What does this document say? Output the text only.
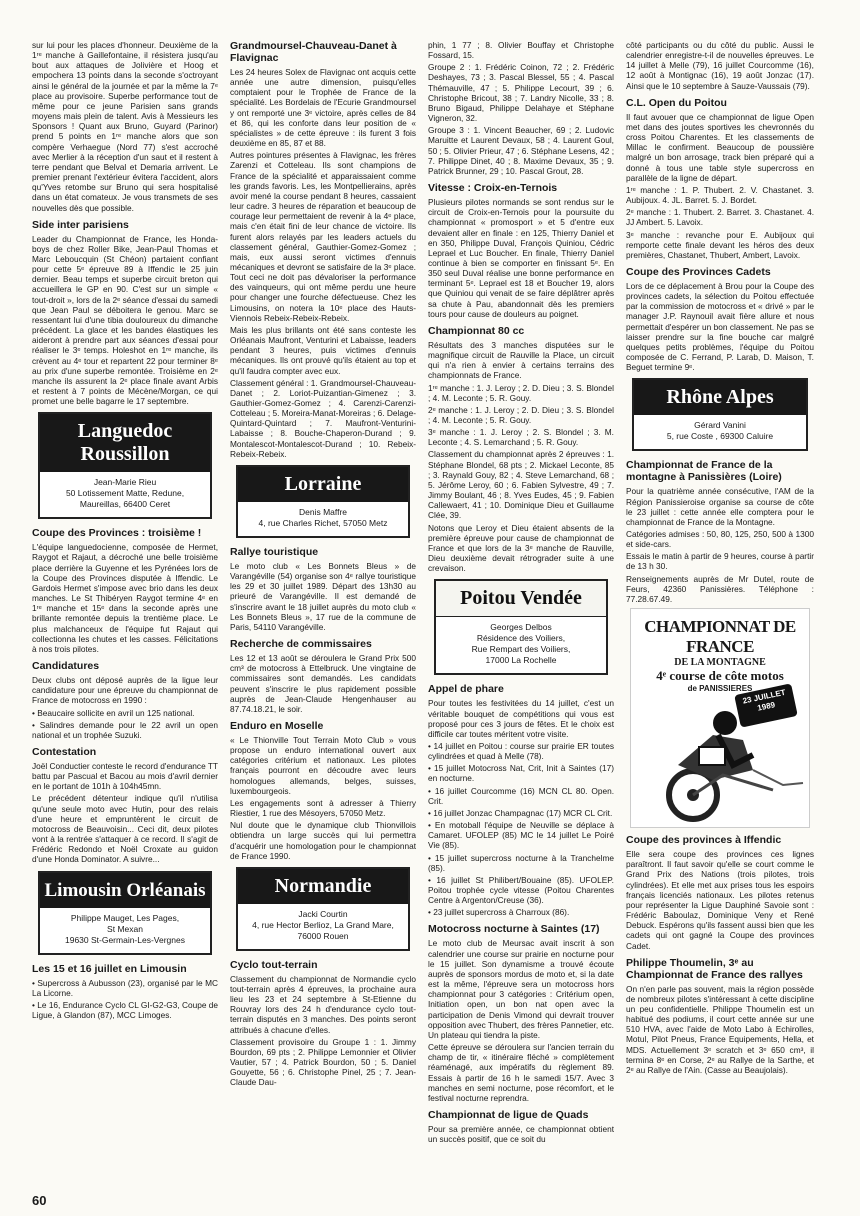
sur lui pour les places d'honneur. Deuxième de la 1ʳᵉ manche à Gaillefontaine, il résistera jusqu'au bout aux attaques de Jolivière et Hoog et empochera 13 points dans la seconde s'octroyant ainsi le général de la journée et par la même la 7ᵉ place au provisoire. Superbe performance tout de même pour ce jeune Parisien sans grands moyens mais plein de talent. Avis à Messieurs les Sponsors ! Quant aux Bruno, Guyard (Parinor) prend 5 points en 1ʳᵉ manche alors que son compère Verhaegue (Nord 77) s'est accroché avec Merlier à la réception d'un saut et il restent à terre pendant que Belval et Demaria arrivent. Le premier prenant l'extérieur évitera l'accident, alors qu'Yves retombe sur Bruno qui sera hospitalisé dans un état comateux. Je vous transmets de ses nouvelles dès que possible.

Side inter parisiens

Leader du Championnat de France, les Honda-boys de chez Roller Bike, Jean-Paul Thomas et Marc Leboucquin (St Chéon) partaient confiant pour cette 5ᵉ épreuve 89 à Iffendic le 25 juin dernier. Beau temps et superbe circuit breton qui accueillera le GP en 90. C'est sur un simple « tout-droit », lors de la 2ᵉ séance d'essai du samedi que Jean Paul se déboitera le genou. Marc se ressentant lui d'une tibia douloureux du dimanche précédent. La glace et les bandes élastiques les aideront à prendre part aux séances d'essai pour réaliser le 3ᵉ temps. Holeshot en 1ʳᵉ manche, ils crèvent au 4ᵉ tour et repartent 22 pour terminer 8ᵉ au prix d'une superbe remontée. Troisième en 2ᵉ manche ils assurent la 2ᵉ place finale avant Arbis et restent à 7 points de Mécène/Morgan, ce qui promet une belle bagarre le 17 septembre.

Languedoc Roussillon
Jean-Marie Rieu
50 Lotissement Matte, Redune,
Maureillas, 66400 Ceret
Coupe des Provinces : troisième !

L'équipe languedocienne, composée de Hermet, Raygot et Rajaut, a décroché une belle troisième place derrière la Guyenne et les Pyrénées lors de la Coupe des Provinces disputée à Iffendic. Le Gardois Hermet s'impose avec brio dans les deux manches. Le St Thibéryen Raygot termine 4ᵉ en 1ʳᵉ manche et 15ᵉ dans la seconde après une brillante remontée depuis la trentième place. Le plus malchanceux de l'équipe fut Rajaut qui collectionna les chutes et les casses. Félicitations à nos trois pilotes.

Candidatures

Deux clubs ont déposé auprès de la ligue leur candidature pour une épreuve du championnat de France de motocross en 1990 :

• Beaucaire sollicite en avril un 125 national.

• Salindres demande pour le 22 avril un open national et un trophée Suzuki.

Contestation

Joël Conductier conteste le record d'endurance TT battu par Pascual et Bacou au mois d'avril dernier en le portant de 101h à 104h45mn.

Le précédent détenteur indique qu'il n'utilisa qu'une seule moto avec Hutin, pour des relais d'une heure et empruntèrent le circuit de motocross de Beauvoisin... Ceci dit, deux pilotes vont à la rentrée s'attaquer à ce record. Il s'agit de Frédéric Redondo et Noël Croxate au guidon d'une Honda Dominator. A suivre...

Limousin Orléanais
Philippe Mauget, Les Pages,
St Mexan
19630 St-Germain-Les-Vergnes
Les 15 et 16 juillet en Limousin

• Supercross à Aubusson (23), organisé par le MC La Licorne.

• Le 16, Endurance Cyclo CL GI-G2-G3, Coupe de Ligue, à Glandon (87), MCC Limoges.

Grandmoursel-Chauveau-Danet à Flavignac

Les 24 heures Solex de Flavignac ont acquis cette année une autre dimension, puisqu'elles comptaient pour le Trophée de France de la spécialité. Les Bordelais de l'Ecurie Grandmoursel y ont remporté une 3ᵉ victoire, après celles de 84 et 86, qui les conforte dans leur position de « spécialistes » de cette épreuve : ils furent 3 fois deuxième en 85, 87 et 88.

Autres pointures présentes à Flavignac, les frères Zarenzi et Cotteleau. Ils sont champions de France de la spécialité et apparaissaient comme les grands favoris. Les, les Montpellierains, après avoir mené la course pendant 8 heures, cassaient leur cadre. 3 heures de réparation et beaucoup de courage leur permettaient de revenir à la 4ᵉ place, mais c'en était fini de leur chance de victoire. Ils furent alors relayés par les leaders actuels du classement général, Gauthier-Gomez-Gomez ; mais, eux aussi seront victimes d'ennuis mécaniques et devront se satisfaire de la 3ᵉ place. Tout ceci ne doit pas dévaloriser la performance des vainqueurs, qui ont même perdu une heure pour changer une fourche défectueuse. Chez les Limousins, on notera la 10ᵉ place des Hauts-Viennois Rebeix-Rebeix-Rebeix.

Mais les plus brillants ont été sans conteste les Orléanais Maufront, Venturini et Labaisse, leaders pendant 3 heures, puis victimes d'ennuis mécaniques. Ils ont prouvé qu'ils étaient au top et qu'il faudra compter avec eux.

Classement général : 1. Grandmoursel-Chauveau-Danet ; 2. Loriot-Puizantian-Gimenez ; 3. Gauthier-Gomez-Gomez ; 4. Carenzi-Carenzi-Cotteleau ; 5. Moreira-Manat-Moreiras ; 6. Delage-Quintard-Quintard ; 7. Maufront-Venturini-Labaisse ; 8. Bouche-Chaperon-Durand ; 9. Montalescot-Montalescot-Durand ; 10. Rebeix-Rebeix-Rebeix.

Lorraine
Denis Maffre
4, rue Charles Richet, 57050 Metz
Rallye touristique

Le moto club « Les Bonnets Bleus » de Varangéville (54) organise son 4ᵉ rallye touristique les 29 et 30 juillet 1989. Départ des 13h30 au prieuré de Varangéville. Il est demandé de s'inscrire avant le 18 juillet auprès du moto club « Les Bonnets Bleus », 17 rue de la commune de Paris, 54110 Varangéville.

Recherche de commissaires

Les 12 et 13 août se déroulera le Grand Prix 500 cm³ de motocross à Ettelbruck. Une vingtaine de commissaires sont demandés. Les candidats peuvent s'inscrire le plus rapidement possible auprès de Jean-Claude Hengenhauser au 87.74.18.21, le soir.

Enduro en Moselle

« Le Thionville Tout Terrain Moto Club » vous propose un enduro international ouvert aux catégories critérium et nationaux. Les pilotes français pourront en découdre avec leurs homologues allemands, belges, suisses, luxembourgeois.

Les engagements sont à adresser à Thierry Riestier, 1 rue des Mésoyers, 57050 Metz.

Nul doute que le dynamique club Thionvillois obtiendra un large succès qui lui permettra d'acquérir une homologation pour le championnat de France 1990.

Normandie
Jacki Courtin
4, rue Hector Berlioz, La Grand Mare,
76000 Rouen
Cyclo tout-terrain

Classement du championnat de Normandie cyclo tout-terrain après 4 épreuves, la prochaine aura lieu les 23 et 24 septembre à St-Etienne du Rouvray lors des 24 h d'endurance cyclo tout-terrain disputés en 3 manches. Des points seront attribués à chacune d'elles.

Classement provisoire du Groupe 1 : 1. Jimmy Bourdon, 69 pts ; 2. Philippe Lemonnier et Olivier Vautier, 57 ; 4. Patrick Bourdon, 50 ; 5. Daniel Gouyette, 56 ; 6. Christophe Pinel, 25 ; 7. Jean-Claude Dau-

phin, 1 77 ; 8. Olivier Bouffay et Christophe Fossard, 15.

Groupe 2 : 1. Frédéric Coinon, 72 ; 2. Frédéric Deshayes, 73 ; 3. Pascal Blessel, 55 ; 4. Pascal Thémauville, 47 ; 5. Philippe Lecourt, 39 ; 6. Christophe Bricout, 38 ; 7. Landry Nicolle, 33 ; 8. Bruno Bigaud, Philippe Delahaye et Stéphane Vigneron, 32.

Groupe 3 : 1. Vincent Beaucher, 69 ; 2. Ludovic Maruitte et Laurent Devaux, 58 ; 4. Laurent Goul, 50 ; 5. Olivier Prieur, 47 ; 6. Stéphane Lesens, 42 ; 7. Philippe Dinet, 40 ; 8. Maxime Devaux, 35 ; 9. Patrick Brunner, 29 ; 10. Pascal Grout, 28.

Vitesse : Croix-en-Ternois

Plusieurs pilotes normands se sont rendus sur le circuit de Croix-en-Ternois pour la poursuite du championnat « promosport » et 5 d'entre eux devaient aller en finale : en 125, Thierry Daniel et en 350, Philippe Duval, François Quiniou, Cédric Leprael et Luc Boucher. En finale, Thierry Daniel continue à bien se comporter en finissant 5ᵉ. En 350 seul Duval réalise une bonne performance en terminant 5ᵉ. Leprael est 18 et Boucher 19, alors que Quiniou qui venait de se faire déplâtrer après sa chute à Pau, abandonnait dès les premiers tours pour cause de douleurs au poignet.

Championnat 80 cc

Résultats des 3 manches disputées sur le magnifique circuit de Rauville la Place, un circuit qui n'a rien à envier à certains terrains des championnats de France.

1ʳᵉ manche : 1. J. Leroy ; 2. D. Dieu ; 3. S. Blondel ; 4. M. Leconte ; 5. R. Gouy.

2ᵉ manche : 1. J. Leroy ; 2. D. Dieu ; 3. S. Blondel ; 4. M. Leconte ; 5. R. Gouy.

3ᵉ manche : 1. J. Leroy ; 2. S. Blondel ; 3. M. Leconte ; 4. S. Lemarchand ; 5. R. Gouy.

Classement du championnat après 2 épreuves : 1. Stéphane Blondel, 68 pts ; 2. Mickael Leconte, 85 ; 3. Raynald Gouy, 82 ; 4. Steve Lemarchand, 68 ; 5. Jérôme Leroy, 60 ; 6. Fabien Sylvestre, 49 ; 7. Jimmy Boulant, 46 ; 8. Yves Eudes, 45 ; 9. Fabien Callewaert, 41 ; 10. Dominique Dieu et Guillaume Clée, 39.

Notons que Leroy et Dieu étaient absents de la première épreuve pour cause de championnat de France et que lors de la 3ᵉ manche de Rauville, Dieu deuxième devait rétrograder suite à une crevaison.

Poitou Vendée
Georges Delbos
Résidence des Voiliers,
Rue Rempart des Voiliers,
17000 La Rochelle
Appel de phare

Pour toutes les festivitées du 14 juillet, c'est un véritable bouquet de compétitions qui vous est proposé pour ces 3 jours de fêtes. Et le choix est difficile car toutes méritent votre visite.

• 14 juillet en Poitou : course sur prairie ER toutes cylindrées et quad à Melle (78).

• 15 juillet Motocross Nat, Crit, Init à Saintes (17) en nocturne.

• 16 juillet Courcomme (16) MCN CL 80. Open. Crit.

• 16 juillet Jonzac Champagnac (17) MCR CL Crit.

• En motoball l'équipe de Neuville se déplace à Camaret. UFOLEP (85) MC le 14 juillet Le Poiré Vie (85).

• 15 juillet supercross nocturne à la Tranchelme (85).

• 16 juillet St Philibert/Bouaine (85). UFOLEP. Poitou trophée cycle vitesse (Poitou Charentes Centre à Argenton/Creuse (36).

• 23 juillet supercross à Charroux (86).

Motocross nocturne à Saintes (17)

Le moto club de Meursac avait inscrit à son calendrier une course sur prairie en nocturne pour le 15 juillet. Son dynamisme a trouvé écoute auprès de sponsors mordus de moto et, si la date est la même, l'épreuve sera un motocross hors championnat pour 3 catégories : Critérium open, Initiation open, un bon nat open avec la participation de Denis Vimond qui devrait trouver opposition avec Thubert, des frères Pannetier, etc. Un plateau qui tiendra la piste.

Cette épreuve se déroulera sur l'ancien terrain du champ de tir, « itinéraire fléché » complètement réaménagé, aux impératifs du règlement 89. Essais à partir de 16 h le samedi 15/7. Avec 3 manches en semi nocturne, pose récomfort, et le festival nocturne reprendra.

Championnat de ligue de Quads

Pour sa première année, ce championnat obtient un succès positif, que ce soit du

côté participants ou du côté du public. Aussi le calendrier enregistre-t-il de nouvelles épreuves. Le 14 juillet à Melle (79), 16 juillet Courcomme (16), 12 août à Montignac (16), 19 août Jonzac (17). Ainsi que le 10 septembre à Sauze-Vaussais (79).

C.L. Open du Poitou

Il faut avouer que ce championnat de ligue Open met dans des joutes sportives les chevronnés du cross Poitou Charentes. Et les classements de Millac le confirment. Beaucoup de poussière malgré un bon arrosage, track bien préparé qui a donné à tous une table style supercross en parallèle de la ligne de départ.

1ʳᵉ manche : 1. P. Thubert. 2. V. Chastanet. 3. Aubijoux. 4. JL. Barret. 5. J. Bordet.

2ᵉ manche : 1. Thubert. 2. Barret. 3. Chastanet. 4. JJ Ambert. 5. Lavoix.

3ᵉ manche : revanche pour E. Aubijoux qui remporte cette finale devant les héros des deux premières, Chastanet, Thubert, Ambert, Lavoix.

Coupe des Provinces Cadets

Lors de ce déplacement à Brou pour la Coupe des provinces cadets, la sélection du Poitou effectuée par la commission de motocross et « drivé » par le manager J.P. Raynouil avait fière allure et nous permettait d'espérer un bon classement. Ne pas se laisser prendre sur la fine bouche car malgré quelques petits problèmes, l'équipe du Poitou composée de C. Ferrand, P. Larab, D. Maison, T. Beguet termine 9ᵉ.

Rhône Alpes
Gérard Vanini
5, rue Coste , 69300 Caluire
Championnat de France de la montagne à Panissières (Loire)

Pour la quatrième année consécutive, l'AM de la Région Panissieroise organise sa course de côte le 23 juillet : cette année elle comptera pour le championnat de France de la Montagne.

Catégories admises : 50, 80, 125, 250, 500 à 1300 et side-cars.

Essais le matin à partir de 9 heures, course à partir de 13 h 30.

Renseignements auprès de Mr Dutel, route de Feurs, 42360 Panissières. Téléphone : 77.28.67.49.

CHAMPIONNAT DE FRANCE
DE LA MONTAGNE
4ᵉ course de côte motos
de PANISSIERES
23 JUILLET 1989
Coupe des provinces à Iffendic

Elle sera coupe des provinces ces lignes paraîtront. Il faut savoir qu'elle se court comme le Grand Prix des Nations (trois pilotes, trois cylindrées). Et elle met aux prises tous les espoirs français licenciés nationaux. Les pilotes retenus pour représenter la Ligue Dauphiné Savoie sont : Frédéric Baboulaz, Dominique Veny et René Debuck. Espérons qu'ils fassent aussi bien que les cadets qui ont gagné la Coupe des provinces Cadet.

Philippe Thoumelin, 3ᵉ au Championnat de France des rallyes

On n'en parle pas souvent, mais la région possède de nombreux pilotes s'intéressant à cette discipline un peu confidentielle. Philippe Thoumelin est un habitué des podiums, il court cette année sur une 510 HVA, avec l'aide de Moto Labo à Echirolles, Motul, Pilot Pneus, France Equipements, Hella, et MDS. Actuellement 3ᵉ scratch et 3ᵉ 650 cm³, il termina 8ᵉ en Corse, 2ᵉ au Rallye de la Sarthe, et 2ᵉ au Rallye de l'Ain. (Casse au Beaujolais).

60
